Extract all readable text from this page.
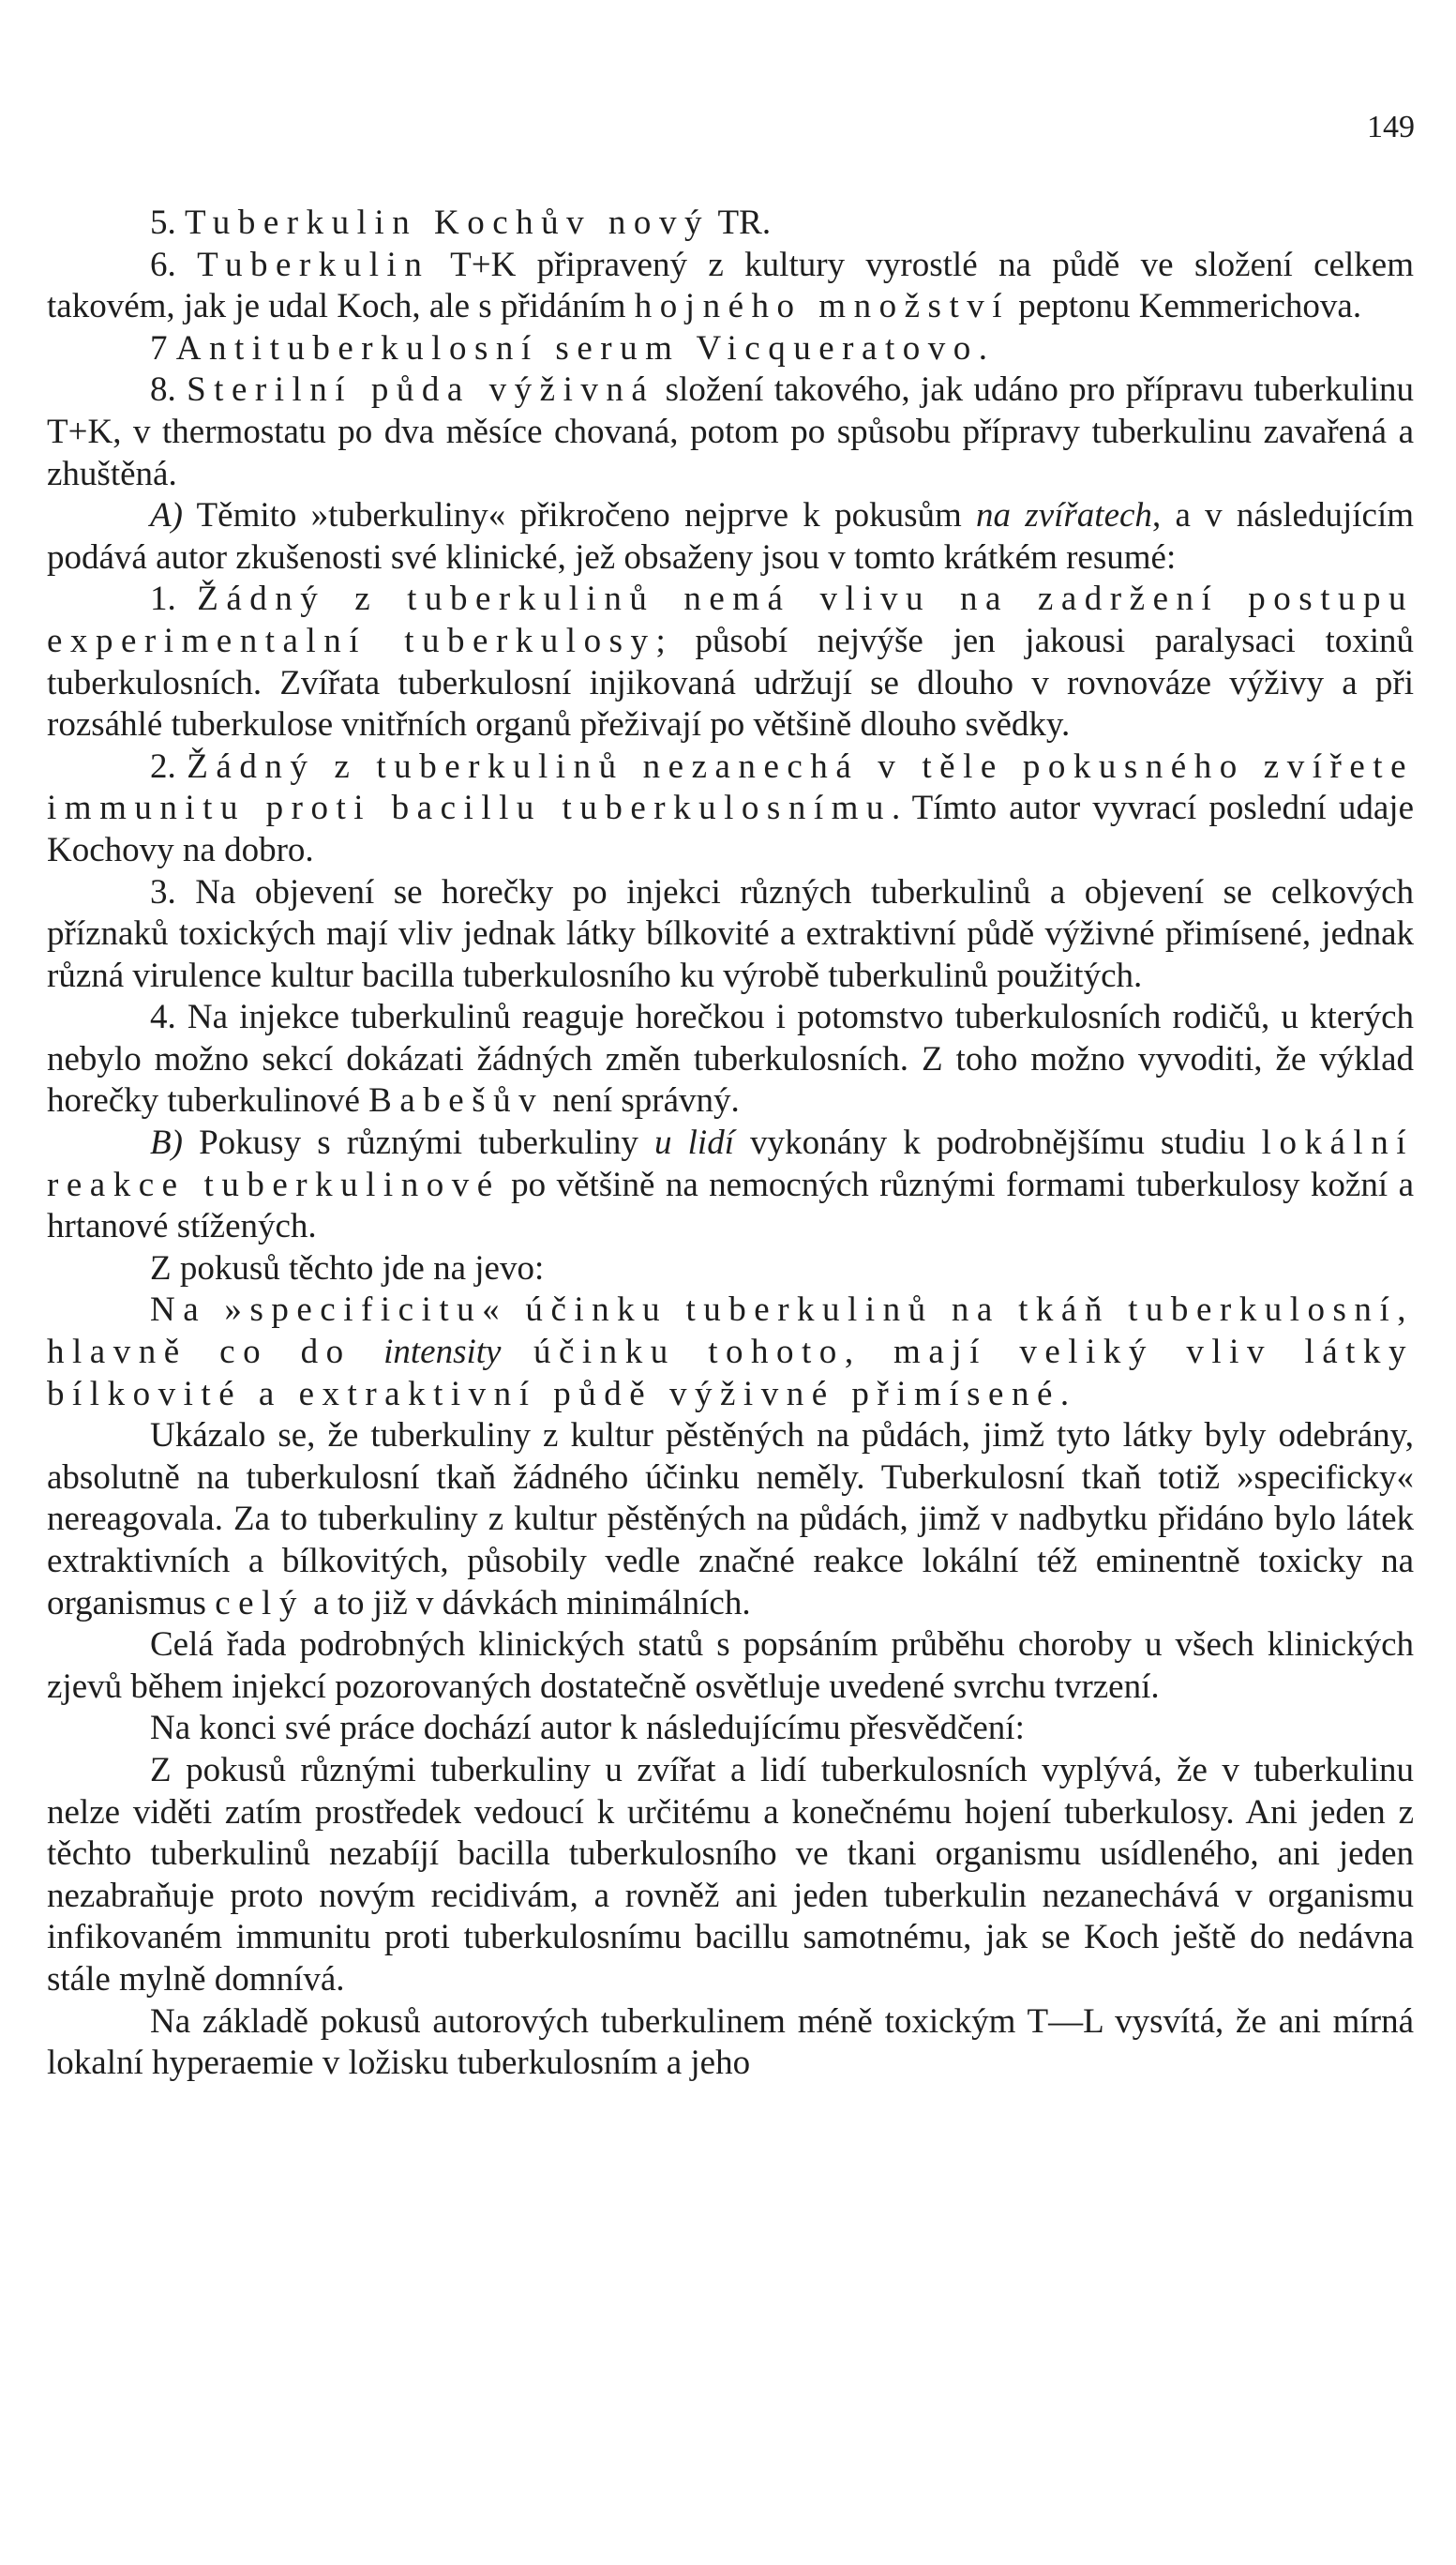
149

5. Tuberkulin Kochův nový TR.

6. Tuberkulin T+K připravený z kultury vyrostlé na půdě ve složení celkem takovém, jak je udal Koch, ale s přidáním hojného množství peptonu Kemmerichova.

7 Antituberkulosní serum Vicqueratovo.

8. Sterilní půda výživná složení takového, jak udáno pro přípravu tuberkulinu T+K, v thermostatu po dva měsíce chovaná, potom po spůsobu přípravy tuberkulinu zavařená a zhuštěná.

A) Těmito »tuberkuliny« přikročeno nejprve k pokusům na zvířatech, a v následujícím podává autor zkušenosti své klinické, jež obsaženy jsou v tomto krátkém resumé:

1. Žádný z tuberkulinů nemá vlivu na zadržení postupu experimentalní tuberkulosy; působí nejvýše jen jakousi paralysaci toxinů tuberkulosních. Zvířata tuberkulosní injikovaná udržují se dlouho v rovnováze výživy a při rozsáhlé tuberkulose vnitřních organů přeživají po většině dlouho svědky.

2. Žádný z tuberkulinů nezanechá v těle pokusného zvířete immunitu proti bacillu tuberkulosnímu. Tímto autor vyvrací poslední udaje Kochovy na dobro.

3. Na objevení se horečky po injekci různých tuberkulinů a objevení se celkových příznaků toxických mají vliv jednak látky bílkovité a extraktivní půdě výživné přimísené, jednak různá virulence kultur bacilla tuberkulosního ku výrobě tuberkulinů použitých.

4. Na injekce tuberkulinů reaguje horečkou i potomstvo tuberkulosních rodičů, u kterých nebylo možno sekcí dokázati žádných změn tuberkulosních. Z toho možno vyvoditi, že výklad horečky tuberkulinové Babešův není správný.

B) Pokusy s různými tuberkuliny u lidí vykonány k podrobnějšímu studiu lokální reakce tuberkulinové po většině na nemocných různými formami tuberkulosy kožní a hrtanové stížených.

Z pokusů těchto jde na jevo:

Na »specificitu« účinku tuberkulinů na tkáň tuberkulosní, hlavně co do intensity účinku tohoto, mají veliký vliv látky bílkovité a extraktivní půdě výživné přimísené.

Ukázalo se, že tuberkuliny z kultur pěstěných na půdách, jimž tyto látky byly odebrány, absolutně na tuberkulosní tkaň žádného účinku neměly. Tuberkulosní tkaň totiž »specificky« nereagovala. Za to tuberkuliny z kultur pěstěných na půdách, jimž v nadbytku přidáno bylo látek extraktivních a bílkovitých, působily vedle značné reakce lokální též eminentně toxicky na organismus celý a to již v dávkách minimálních.

Celá řada podrobných klinických statů s popsáním průběhu choroby u všech klinických zjevů během injekcí pozorovaných dostatečně osvětluje uvedené svrchu tvrzení.

Na konci své práce dochází autor k následujícímu přesvědčení:

Z pokusů různými tuberkuliny u zvířat a lidí tuberkulosních vyplývá, že v tuberkulinu nelze viděti zatím prostředek vedoucí k určitému a konečnému hojení tuberkulosy. Ani jeden z těchto tuberkulinů nezabíjí bacilla tuberkulosního ve tkani organismu usídleného, ani jeden nezabraňuje proto novým recidivám, a rovněž ani jeden tuberkulin nezanechává v organismu infikovaném immunitu proti tuberkulosnímu bacillu samotnému, jak se Koch ještě do nedávna stále mylně domnívá.

Na základě pokusů autorových tuberkulinem méně toxickým T—L vysvítá, že ani mírná lokalní hyperaemie v ložisku tuberkulosním a jeho
